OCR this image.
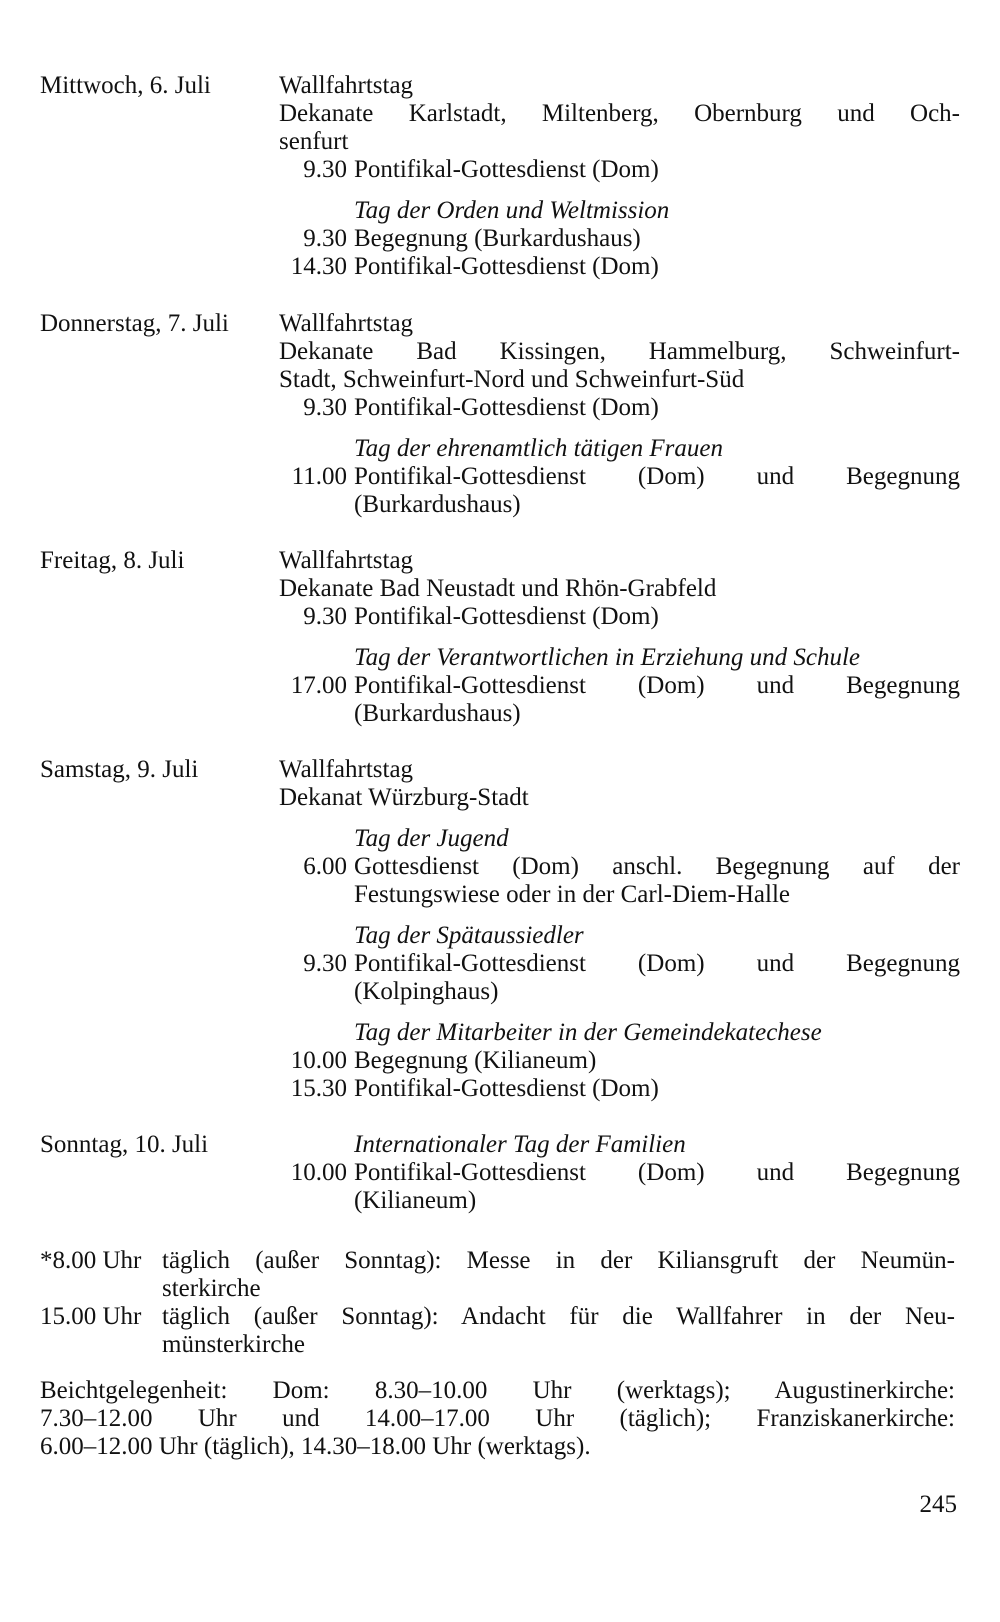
Mittwoch, 6. Juli	Wallfahrtstag
Dekanate Karlstadt, Miltenberg, Obernburg und Och-
senfurt
9.30 Pontifikal-Gottesdienst (Dom)
Tag der Orden und Weltmission
9.30 Begegnung (Burkardushaus)
14.30 Pontifikal-Gottesdienst (Dom)
Donnerstag, 7. Juli Wallfahrtstag
Dekanate Bad Kissingen, Hammelburg, Schweinfurt-
Stadt, Schweinfurt-Nord und Schweinfurt-Süd
9.30 Pontifikal-Gottesdienst (Dom)
Tag der ehrenamtlich tätigen Frauen
11.00 Pontifikal-Gottesdienst (Dom) und Begegnung
(Burkardushaus)
Freitag, 8. Juli	Wallfahrtstag
Dekanate Bad Neustadt und Rhön-Grabfeld
9.30 Pontifikal-Gottesdienst (Dom)
Tag der Verantwortlichen in Erziehung und Schule
17.00 Pontifikal-Gottesdienst (Dom) und Begegnung
(Burkardushaus)
Samstag, 9. Juli	Wallfahrtstag
Dekanat Würzburg-Stadt
Tag der Jugend
6.00 Gottesdienst (Dom) anschl. Begegnung auf der
Festungswiese oder in der Carl-Diem-Halle
Tag der Spätaussiedler
9.30 Pontifikal-Gottesdienst (Dom) und Begegnung
(Kolpinghaus)
Tag der Mitarbeiter in der Gemeindekatechese
10.00 Begegnung (Kilianeum)
15.30 Pontifikal-Gottesdienst (Dom)
Sonntag, 10. Juli	Internationaler Tag der Familien
10.00 Pontifikal-Gottesdienst (Dom) und Begegnung
(Kilianeum)
*8.00 Uhr täglich (außer Sonntag): Messe in der Kiliansgruft der Neumün-
sterkirche
15.00 Uhr täglich (außer Sonntag): Andacht für die Wallfahrer in der Neu-
münsterkirche
Beichtgelegenheit: Dom: 8.30–10.00 Uhr (werktags); Augustinerkirche:
7.30–12.00 Uhr und 14.00–17.00 Uhr (täglich); Franziskanerkirche:
6.00–12.00 Uhr (täglich), 14.30–18.00 Uhr (werktags).
245
